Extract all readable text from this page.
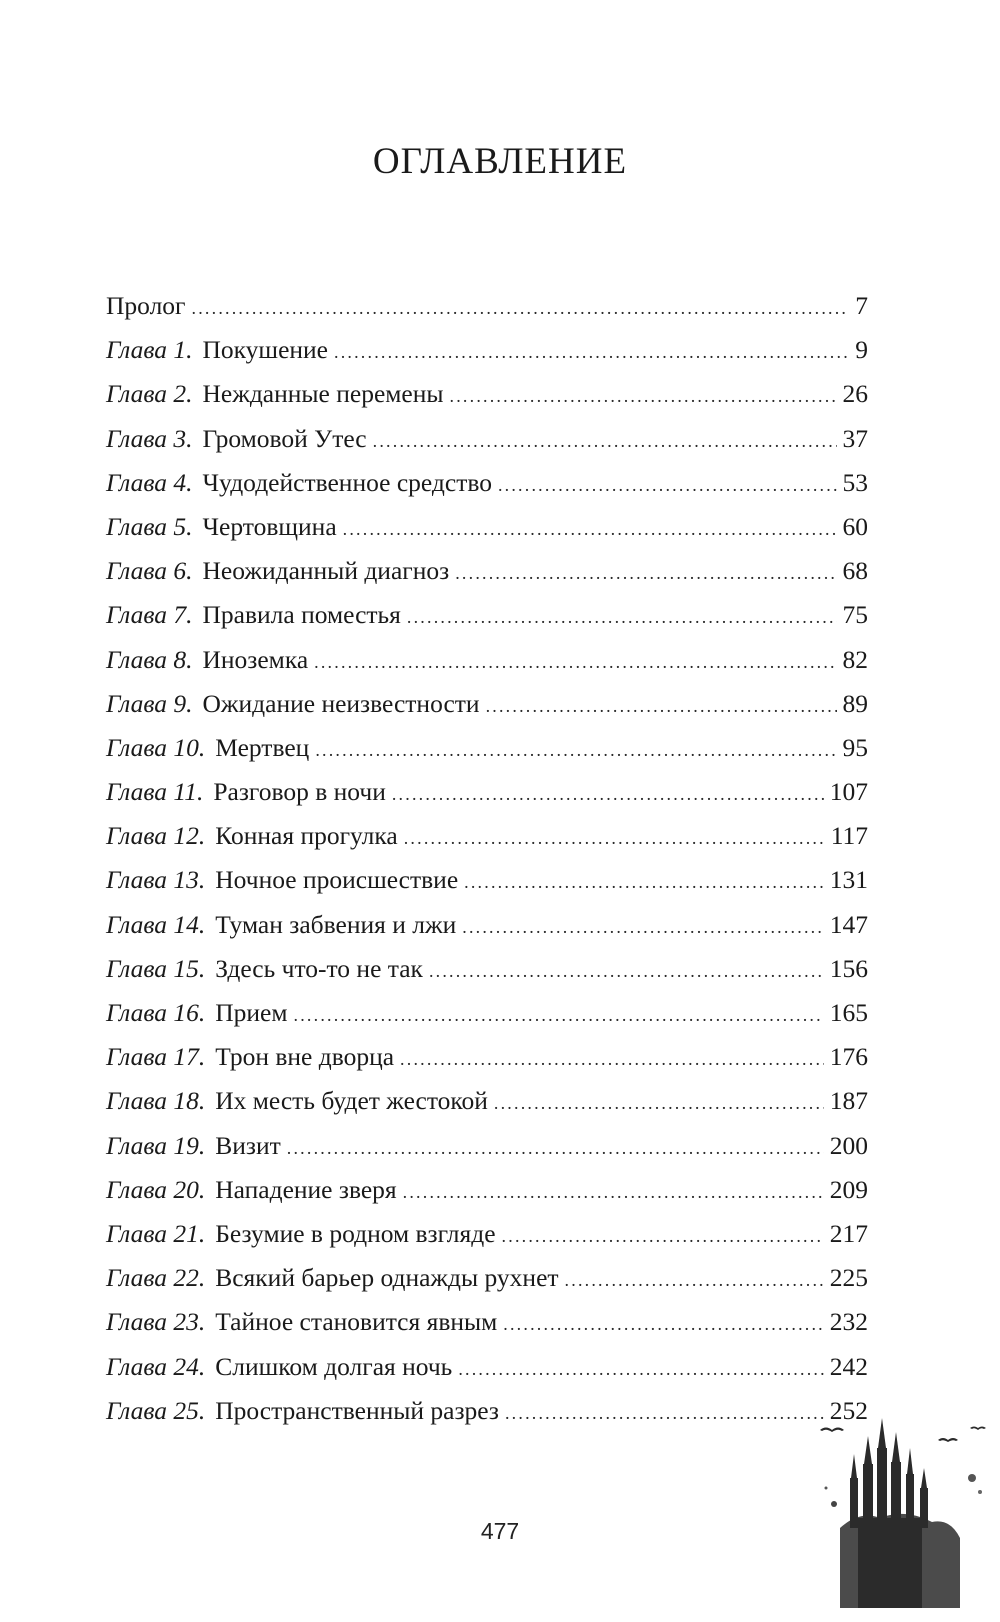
ОГЛАВЛЕНИЕ
Пролог .....	7
Глава 1. Покушение .....	9
Глава 2. Нежданные перемены .....	26
Глава 3. Громовой Утес .....	37
Глава 4. Чудодейственное средство .....	53
Глава 5. Чертовщина .....	60
Глава 6. Неожиданный диагноз .....	68
Глава 7. Правила поместья .....	75
Глава 8. Иноземка .....	82
Глава 9. Ожидание неизвестности .....	89
Глава 10. Мертвец .....	95
Глава 11. Разговор в ночи .....	107
Глава 12. Конная прогулка .....	117
Глава 13. Ночное происшествие .....	131
Глава 14. Туман забвения и лжи .....	147
Глава 15. Здесь что-то не так .....	156
Глава 16. Прием .....	165
Глава 17. Трон вне дворца .....	176
Глава 18. Их месть будет жестокой .....	187
Глава 19. Визит .....	200
Глава 20. Нападение зверя .....	209
Глава 21. Безумие в родном взгляде .....	217
Глава 22. Всякий барьер однажды рухнет .....	225
Глава 23. Тайное становится явным .....	232
Глава 24. Слишком долгая ночь .....	242
Глава 25. Пространственный разрез .....	252
477
